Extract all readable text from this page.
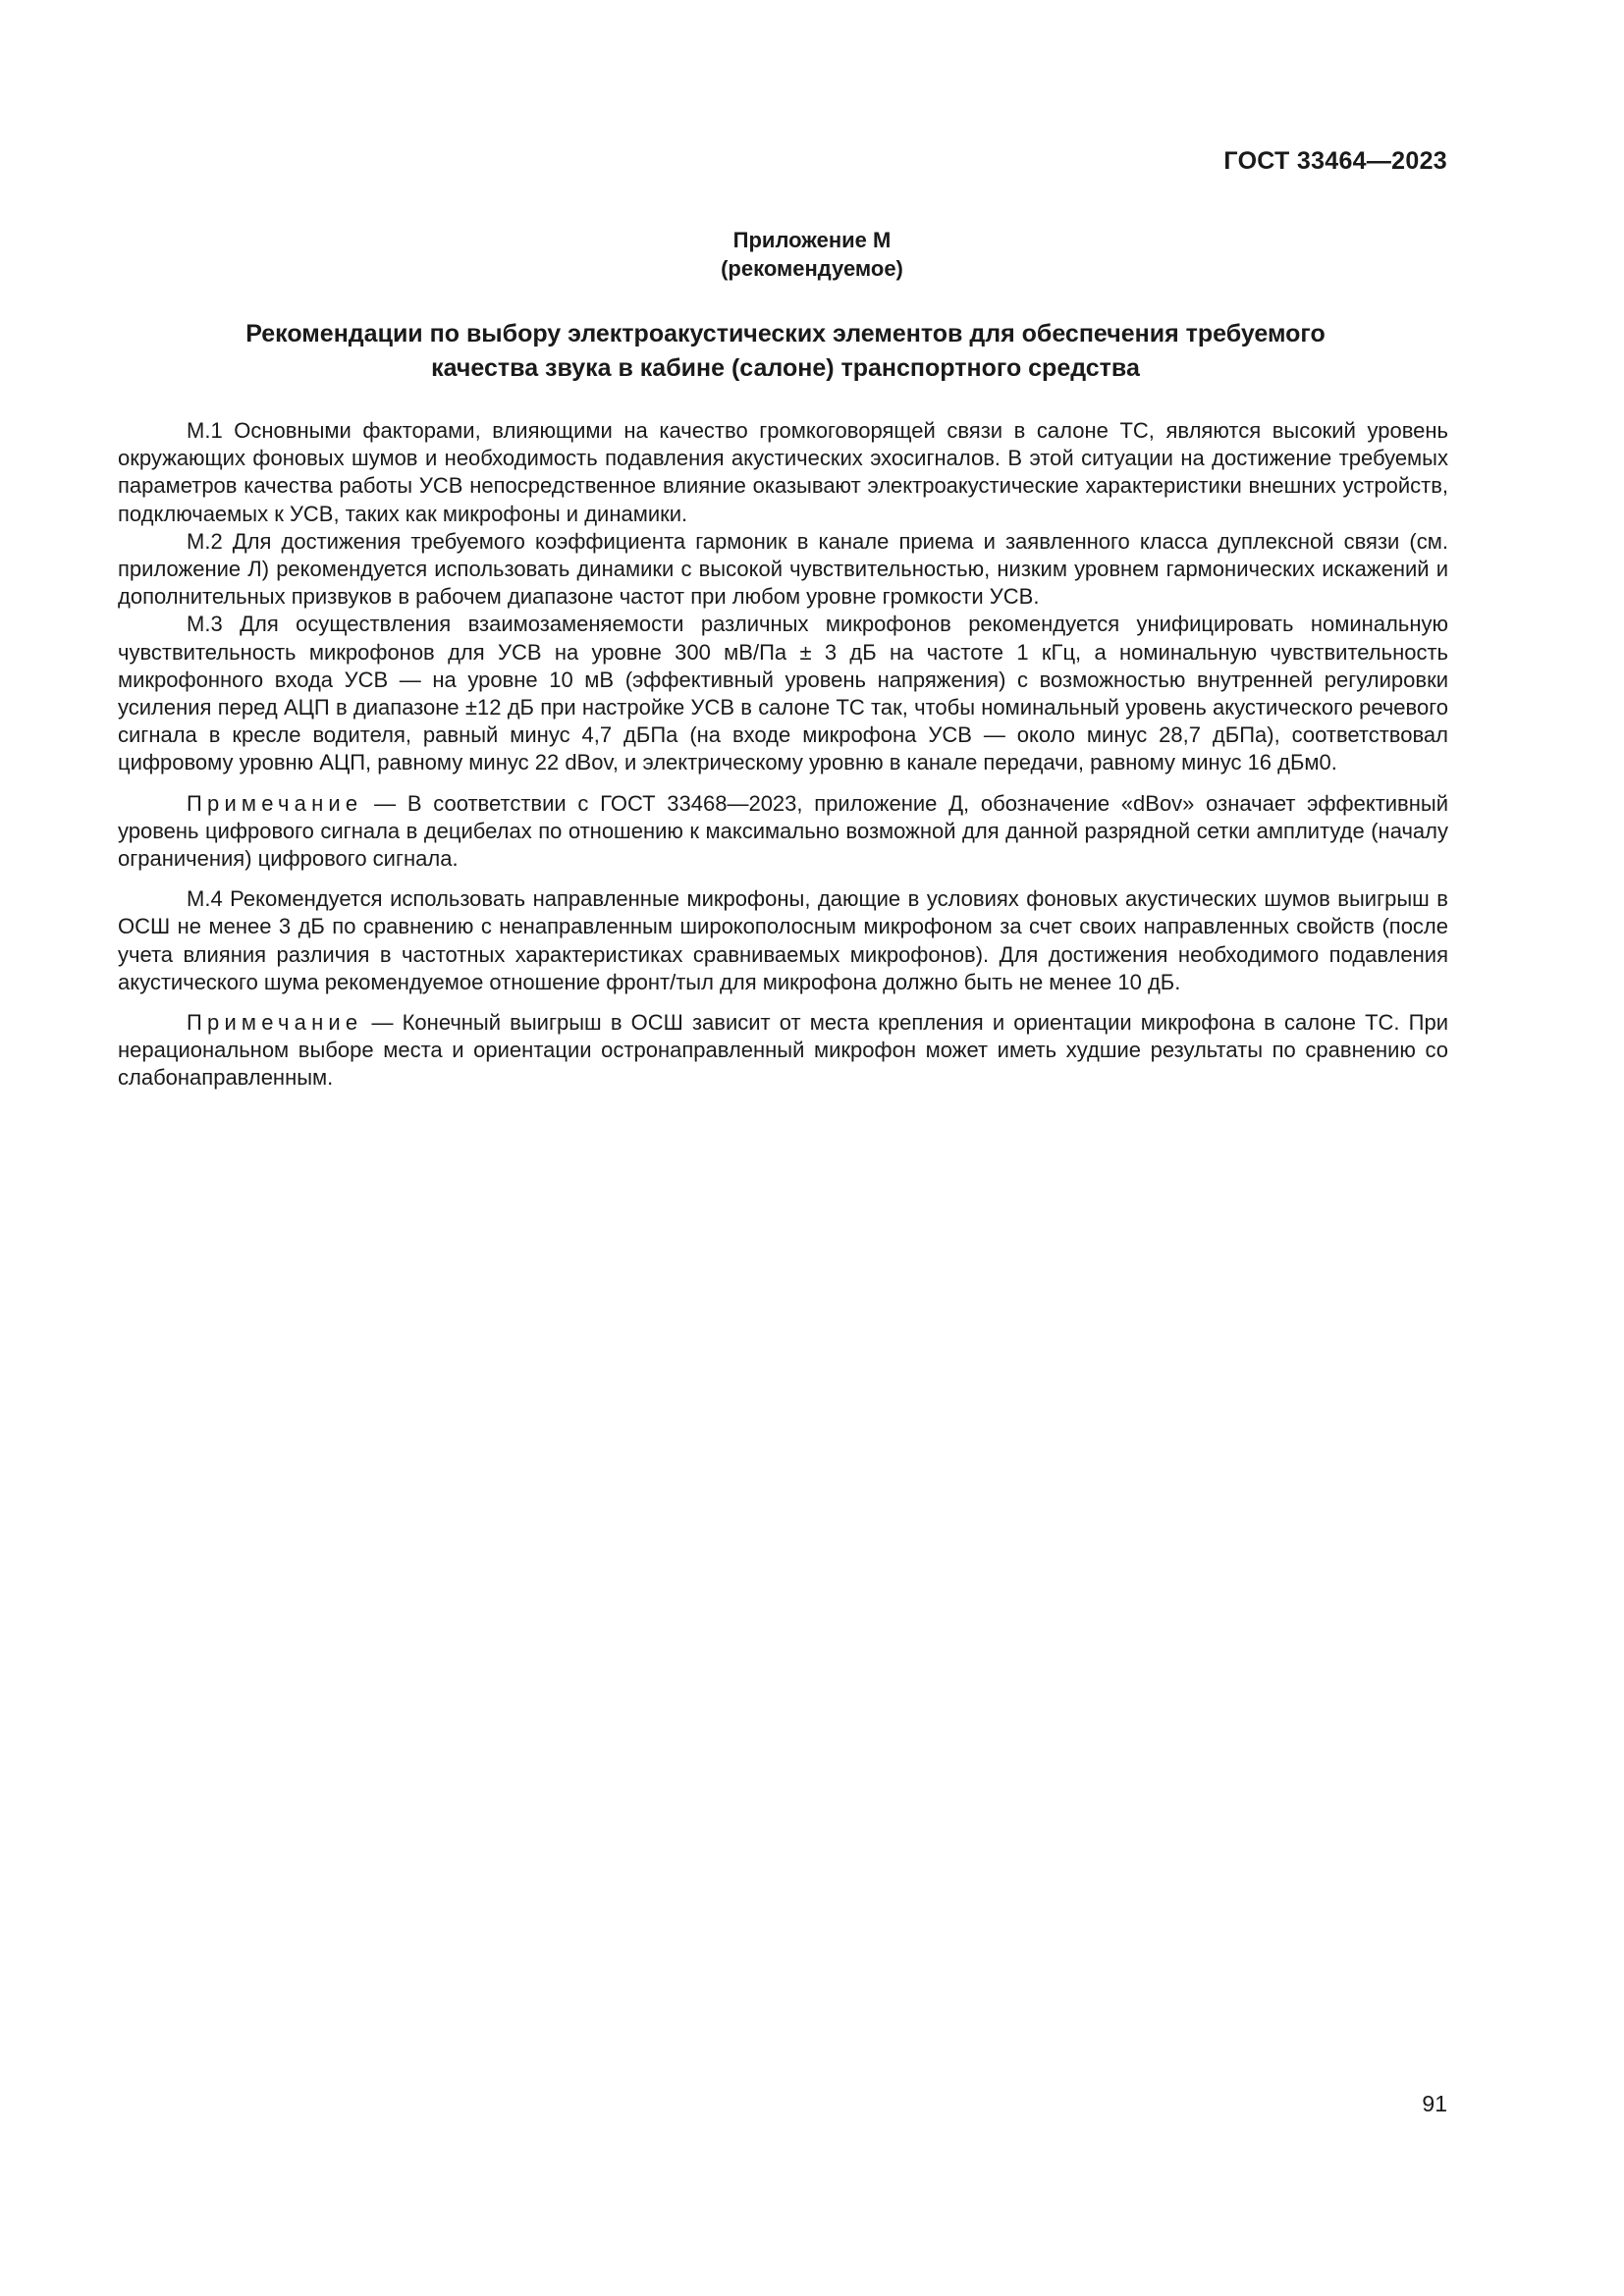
ГОСТ 33464—2023
Приложение М
(рекомендуемое)
Рекомендации по выбору электроакустических элементов для обеспечения требуемого
качества звука в кабине (салоне) транспортного средства

М.1 Основными факторами, влияющими на качество громкоговорящей связи в салоне ТС, являются высокий уровень окружающих фоновых шумов и необходимость подавления акустических эхосигналов. В этой ситуации на достижение требуемых параметров качества работы УСВ непосредственное влияние оказывают электроакустические характеристики внешних устройств, подключаемых к УСВ, таких как микрофоны и динамики.

М.2 Для достижения требуемого коэффициента гармоник в канале приема и заявленного класса дуплексной связи (см. приложение Л) рекомендуется использовать динамики с высокой чувствительностью, низким уровнем гармонических искажений и дополнительных призвуков в рабочем диапазоне частот при любом уровне громкости УСВ.

М.3 Для осуществления взаимозаменяемости различных микрофонов рекомендуется унифицировать номинальную чувствительность микрофонов для УСВ на уровне 300 мВ/Па ± 3 дБ на частоте 1 кГц, а номинальную чувствительность микрофонного входа УСВ — на уровне 10 мВ (эффективный уровень напряжения) с возможностью внутренней регулировки усиления перед АЦП в диапазоне ±12 дБ при настройке УСВ в салоне ТС так, чтобы номинальный уровень акустического речевого сигнала в кресле водителя, равный минус 4,7 дБПа (на входе микрофона УСВ — около минус 28,7 дБПа), соответствовал цифровому уровню АЦП, равному минус 22 dBov, и электрическому уровню в канале передачи, равному минус 16 дБм0.

Примечание — В соответствии с ГОСТ 33468—2023, приложение Д, обозначение «dBov» означает эффективный уровень цифрового сигнала в децибелах по отношению к максимально возможной для данной разрядной сетки амплитуде (началу ограничения) цифрового сигнала.

М.4 Рекомендуется использовать направленные микрофоны, дающие в условиях фоновых акустических шумов выигрыш в ОСШ не менее 3 дБ по сравнению с ненаправленным широкополосным микрофоном за счет своих направленных свойств (после учета влияния различия в частотных характеристиках сравниваемых микрофонов). Для достижения необходимого подавления акустического шума рекомендуемое отношение фронт/тыл для микрофона должно быть не менее 10 дБ.

Примечание — Конечный выигрыш в ОСШ зависит от места крепления и ориентации микрофона в салоне ТС. При нерациональном выборе места и ориентации остронаправленный микрофон может иметь худшие результаты по сравнению со слабонаправленным.

91
